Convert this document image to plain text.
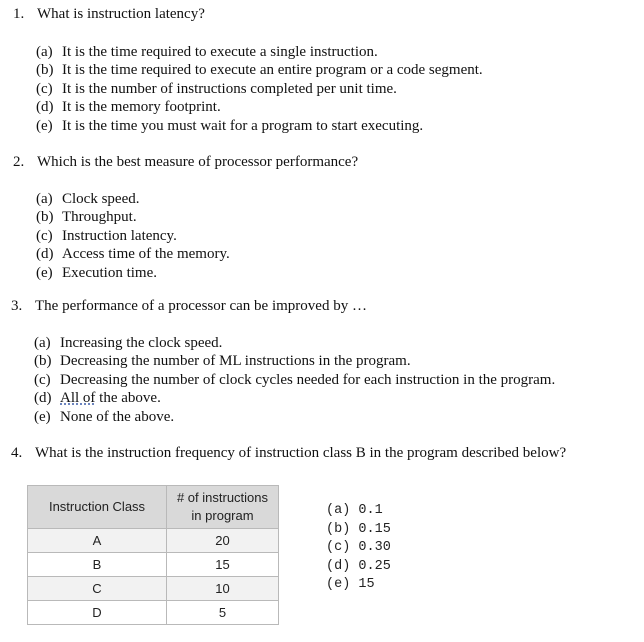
1. What is instruction latency?
(a) It is the time required to execute a single instruction.
(b) It is the time required to execute an entire program or a code segment.
(c) It is the number of instructions completed per unit time.
(d) It is the memory footprint.
(e) It is the time you must wait for a program to start executing.
2. Which is the best measure of processor performance?
(a) Clock speed.
(b) Throughput.
(c) Instruction latency.
(d) Access time of the memory.
(e) Execution time.
3. The performance of a processor can be improved by …
(a) Increasing the clock speed.
(b) Decreasing the number of ML instructions in the program.
(c) Decreasing the number of clock cycles needed for each instruction in the program.
(d) All of the above.
(e) None of the above.
4. What is the instruction frequency of instruction class B in the program described below?
Instruction Class	# of instructions
in program
A	20
B	15
C	10
D	5
(a) 0.1
(b) 0.15
(c) 0.30
(d) 0.25
(e) 15
